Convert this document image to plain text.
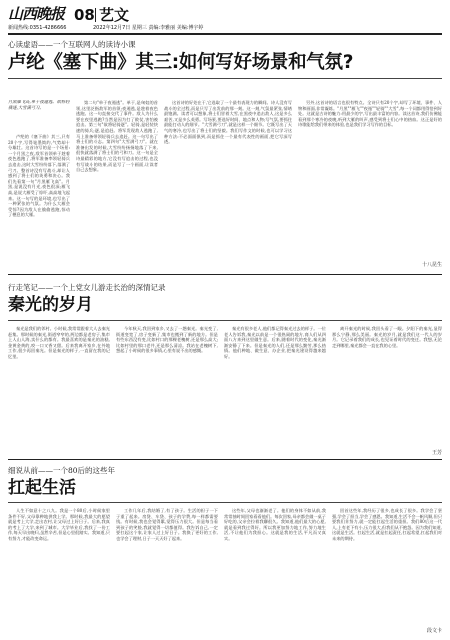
山西晚报 08 艺文
新闻热线:0351-4286666	2022年12月7日 星期三 责编:李雅丽 美编:傅宇婷
心读虚语——一个互联网人的读诗小课
卢纶《塞下曲》其三:如何写好场景和气氛?
月黑雁飞高,单于夜遁逃。欲将轻骑逐,大雪满弓刀。

卢纶的《塞下曲》其三,只有20个字,写得笔墨简约,气势却十分雄壮。这首诗写的是一个场景:一个月黑之夜,敌军首领单于趁着夜色逃跑了,将军准备率领轻骑兵去追击,这时大雪纷纷落下,落满了弓刀。整首诗没有写战斗,却让人感到了将士们的英勇和决心。我们先看第一句"月黑雁飞高"。月黑,是说没有月光,夜色很深;雁飞高,是说大雁受了惊吓,高高地飞起来。这一句写的是环境,也写出了一种紧张的气氛。为什么大雁会受惊?因为敌人在偷偷逃跑,惊动了栖息的大雁。

第二句"单于夜遁逃"。单于,是匈奴的首领,这里泛指敌军的首领;夜遁逃,是趁着夜色逃跑。这一句直接交代了事件。敌人为什么要在夜里逃跑?当然是因为打了败仗,害怕被追击。第三句"欲将轻骑逐"。轻骑,是轻装快速的骑兵;逐,是追赶。将军发现敌人逃跑了,马上准备带领轻骑兵去追赶。这一句写出了将士们的斗志。第四句"大雪满弓刀"。就在准备出发的时候,大雪纷纷扬扬地落了下来,很快就落满了将士们的弓和刀。这一句是全诗最精彩的地方,它没有写追击的过程,也没有写战斗的结果,而是写了一个画面,让读者自己去想象。

这首诗的好处在于,它选取了一个最有表现力的瞬间。诗人没有写战斗的全过程,而是只写了出发前的那一刻。这一刻,气氛最紧张,情绪最饱满。读者可以想象,将士们冒着大雪,在黑夜中追击敌人,这是多么艰苦,又是多么英勇。写场景,要选好时间、地点和人物;写气氛,要抓住最能打动人的细节。"大雪满弓刀",就是这样一个细节。它既写出了天气的寒冷,也写出了将士们的坚毅。我们写作文的时候,也可以学习这种方法:不必面面俱到,而是抓住一个最有代表性的画面,把它写深写透。

另外,这首诗的语言也很有特点。全诗只有20个字,却写了环境、事件、人物和画面,非常凝练。"月黑""雁飞""夜遁""轻骑""大雪",每一个词都用得恰到好处。这就是古诗的魅力:用最少的字,写出最丰富的内容。读这首诗,我们仿佛能看到那个寒冷的夜晚,听到大雁的叫声,感受到将士们心中的热血。这正是好的诗歌能给我们带来的体验,也是我们学习写作的目标。

十八昆生
行走笔记——一个上党女儿游走长治的深情记录
秦光的岁月

秦光是我们的邻村。小时候,我常常跟着大人去秦光赶集。那时候的秦光,街道窄窄的,两边都是老房子,集市上人山人海,卖什么的都有。我最喜欢的是秦光的油糕,金黄金黄的,咬一口又香又甜。后来我离开家乡,在外地工作,很少再回秦光。但是秦光的样子,一直留在我的记忆里。

今年秋天,我回到家乡,又去了一趟秦光。秦光变了,街道变宽了,房子变新了,集市也搬到了新的地方。但是有些东西没有变,比如村口的那棵老槐树,还是那么高大;比如村里的那口老井,还是那么清凉。我站在老槐树下,想起了小时候的很多事情,心里有说不出的感慨。

秦光有很多老人,他们都记得秦光过去的样子。一位老人告诉我,秦光以前是一个很热闹的地方,商人们从四面八方来到这里做生意。后来,随着时代的变化,秦光渐渐安静了下来。但是秦光的人们,还是那么勤劳,那么热情。他们种地、做生意、办企业,把秦光建设得越来越好。

离开秦光的时候,我回头看了一眼。夕阳下的秦光,显得那么宁静,那么美丽。秦光的岁月,就是我们这一代人的岁月。它记录着我们的成长,也见证着时代的变迁。我想,无论走到哪里,秦光都会一直在我的心里。

王芳
细说从前——一个80后的这些年
扛起生活

人生不如意十之八九。我是一个80后,小时候家里条件不好,父母靠种地供我上学。那时候,我最大的愿望就是考上大学,走出农村,让父母过上好日子。后来,我真的考上了大学,来到了城市。大学毕业后,我找了一份工作,每天早出晚归,虽然辛苦,但是心里很踏实。我知道,只有努力,才能改变命运。

工作几年后,我结婚了,有了孩子。生活的担子一下子重了起来。房贷、车贷、孩子的学费,每一样都需要钱。有时候,我也会觉得累,觉得压力很大。但是每当看到孩子的笑脸,我就觉得一切都值得。我告诉自己,一定要扛起这个家,让家人过上好日子。我换了更好的工作,也学会了理财,日子一天天好了起来。

这些年,父母也渐渐老了。他们的身体不如从前,我常常抽时间回家看看他们。每次回家,母亲都会做一桌子好吃的,父亲会拉着我聊很久。我知道,他们最大的心愿,就是看到我过得好。所以我更加努力地工作,努力地生活,不让他们为我担心。这就是我的生活,平凡而又真实。

回首这些年,我经历了很多,也成长了很多。我学会了坚强,学会了担当,学会了感恩。我知道,生活不会一帆风顺,但只要我们肯努力,就一定能扛起生活的重担。我们80后这一代人,上有老下有小,压力很大,但我们从不抱怨。因为我们知道,这就是生活。扛起生活,就是扛起责任,扛起希望,扛起我们对未来的期待。

段文卡
